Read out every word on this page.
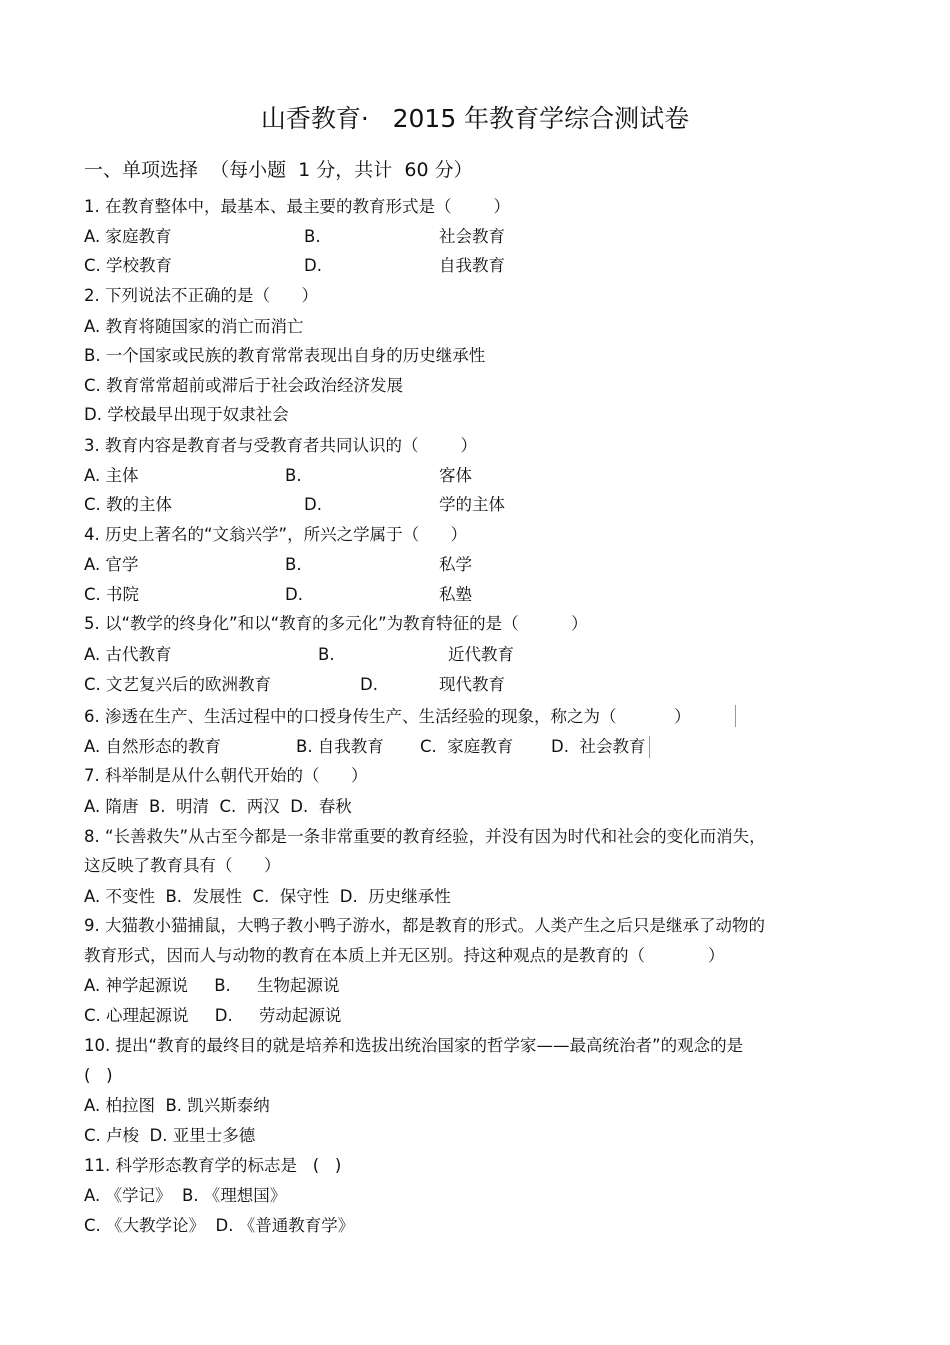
山香教育·   2015 年教育学综合测试卷
一、单项选择  （每小题  1 分，共计  60 分）
1. 在教育整体中，最基本、最主要的教育形式是（        ）
A. 家庭教育	B.	社会教育
C. 学校教育	D.	自我教育
2. 下列说法不正确的是（      ）
A. 教育将随国家的消亡而消亡
B. 一个国家或民族的教育常常表现出自身的历史继承性
C. 教育常常超前或滞后于社会政治经济发展
D. 学校最早出现于奴隶社会
3. 教育内容是教育者与受教育者共同认识的（        ）
A. 主体	B.	客体
C. 教的主体	D.	学的主体
4. 历史上著名的“文翁兴学”，所兴之学属于（      ）
A. 官学	B.	私学
C. 书院	D.	私塾
5. 以“教学的终身化”和以“教育的多元化”为教育特征的是（          ）
A. 古代教育	B.	近代教育
C. 文艺复兴后的欧洲教育	D.	现代教育
6. 渗透在生产、生活过程中的口授身传生产、生活经验的现象，称之为（           ）
A. 自然形态的教育	B. 自我教育 C.  家庭教育 D.  社会教育
7. 科举制是从什么朝代开始的（      ）
A. 隋唐  B.  明清  C.  两汉  D.  春秋
8. “长善救失”从古至今都是一条非常重要的教育经验，并没有因为时代和社会的变化而消失，
这反映了教育具有（      ）
A. 不变性  B.  发展性  C.  保守性  D.  历史继承性
9. 大猫教小猫捕鼠，大鸭子教小鸭子游水，都是教育的形式。人类产生之后只是继承了动物的
教育形式，因而人与动物的教育在本质上并无区别。持这种观点的是教育的（            ）
A. 神学起源说     B.     生物起源说
C. 心理起源说     D.     劳动起源说
10. 提出“教育的最终目的就是培养和选拔出统治国家的哲学家——最高统治者”的观念的是
(   )
A. 柏拉图  B. 凯兴斯泰纳
C. 卢梭  D. 亚里士多德
11. 科学形态教育学的标志是   (   )
A. 《学记》  B. 《理想国》
C. 《大教学论》  D. 《普通教育学》
